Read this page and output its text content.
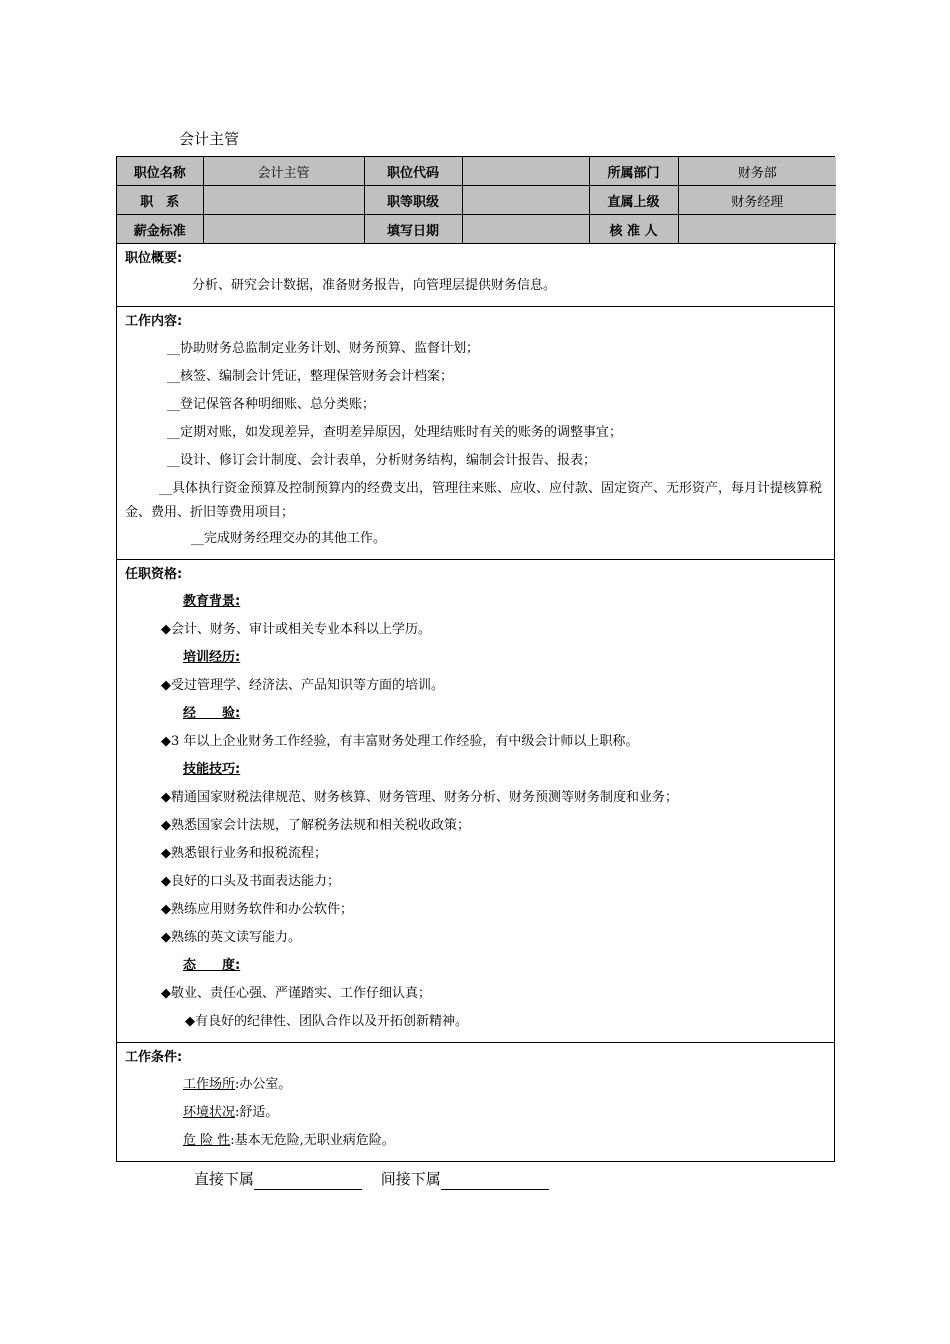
会计主管
职位名称	会计主管	职位代码		所属部门	财务部
职　系		职等职级		直属上级	财务经理
薪金标准		填写日期		核 准 人	
职位概要:
分析、研究会计数据，准备财务报告，向管理层提供财务信息。
工作内容:
__协助财务总监制定业务计划、财务预算、监督计划；
__核签、编制会计凭证，整理保管财务会计档案；
__登记保管各种明细账、总分类账；
__定期对账，如发现差异，查明差异原因，处理结账时有关的账务的调整事宜；
__设计、修订会计制度、会计表单，分析财务结构，编制会计报告、报表；
__具体执行资金预算及控制预算内的经费支出，管理往来账、应收、应付款、固定资产、无形资产，每月计提核算税金、费用、折旧等费用项目；
__完成财务经理交办的其他工作。
任职资格:
教育背景:
◆会计、财务、审计或相关专业本科以上学历。
培训经历:
◆受过管理学、经济法、产品知识等方面的培训。
经　　验:
◆3 年以上企业财务工作经验，有丰富财务处理工作经验，有中级会计师以上职称。
技能技巧:
◆精通国家财税法律规范、财务核算、财务管理、财务分析、财务预测等财务制度和业务；
◆熟悉国家会计法规，了解税务法规和相关税收政策；
◆熟悉银行业务和报税流程；
◆良好的口头及书面表达能力；
◆熟练应用财务软件和办公软件；
◆熟练的英文读写能力。
态　　度:
◆敬业、责任心强、严谨踏实、工作仔细认真；
◆有良好的纪律性、团队合作以及开拓创新精神。
工作条件:
工作场所:办公室。
环境状况:舒适。
危 险 性:基本无危险,无职业病危险。
直接下属	间接下属
